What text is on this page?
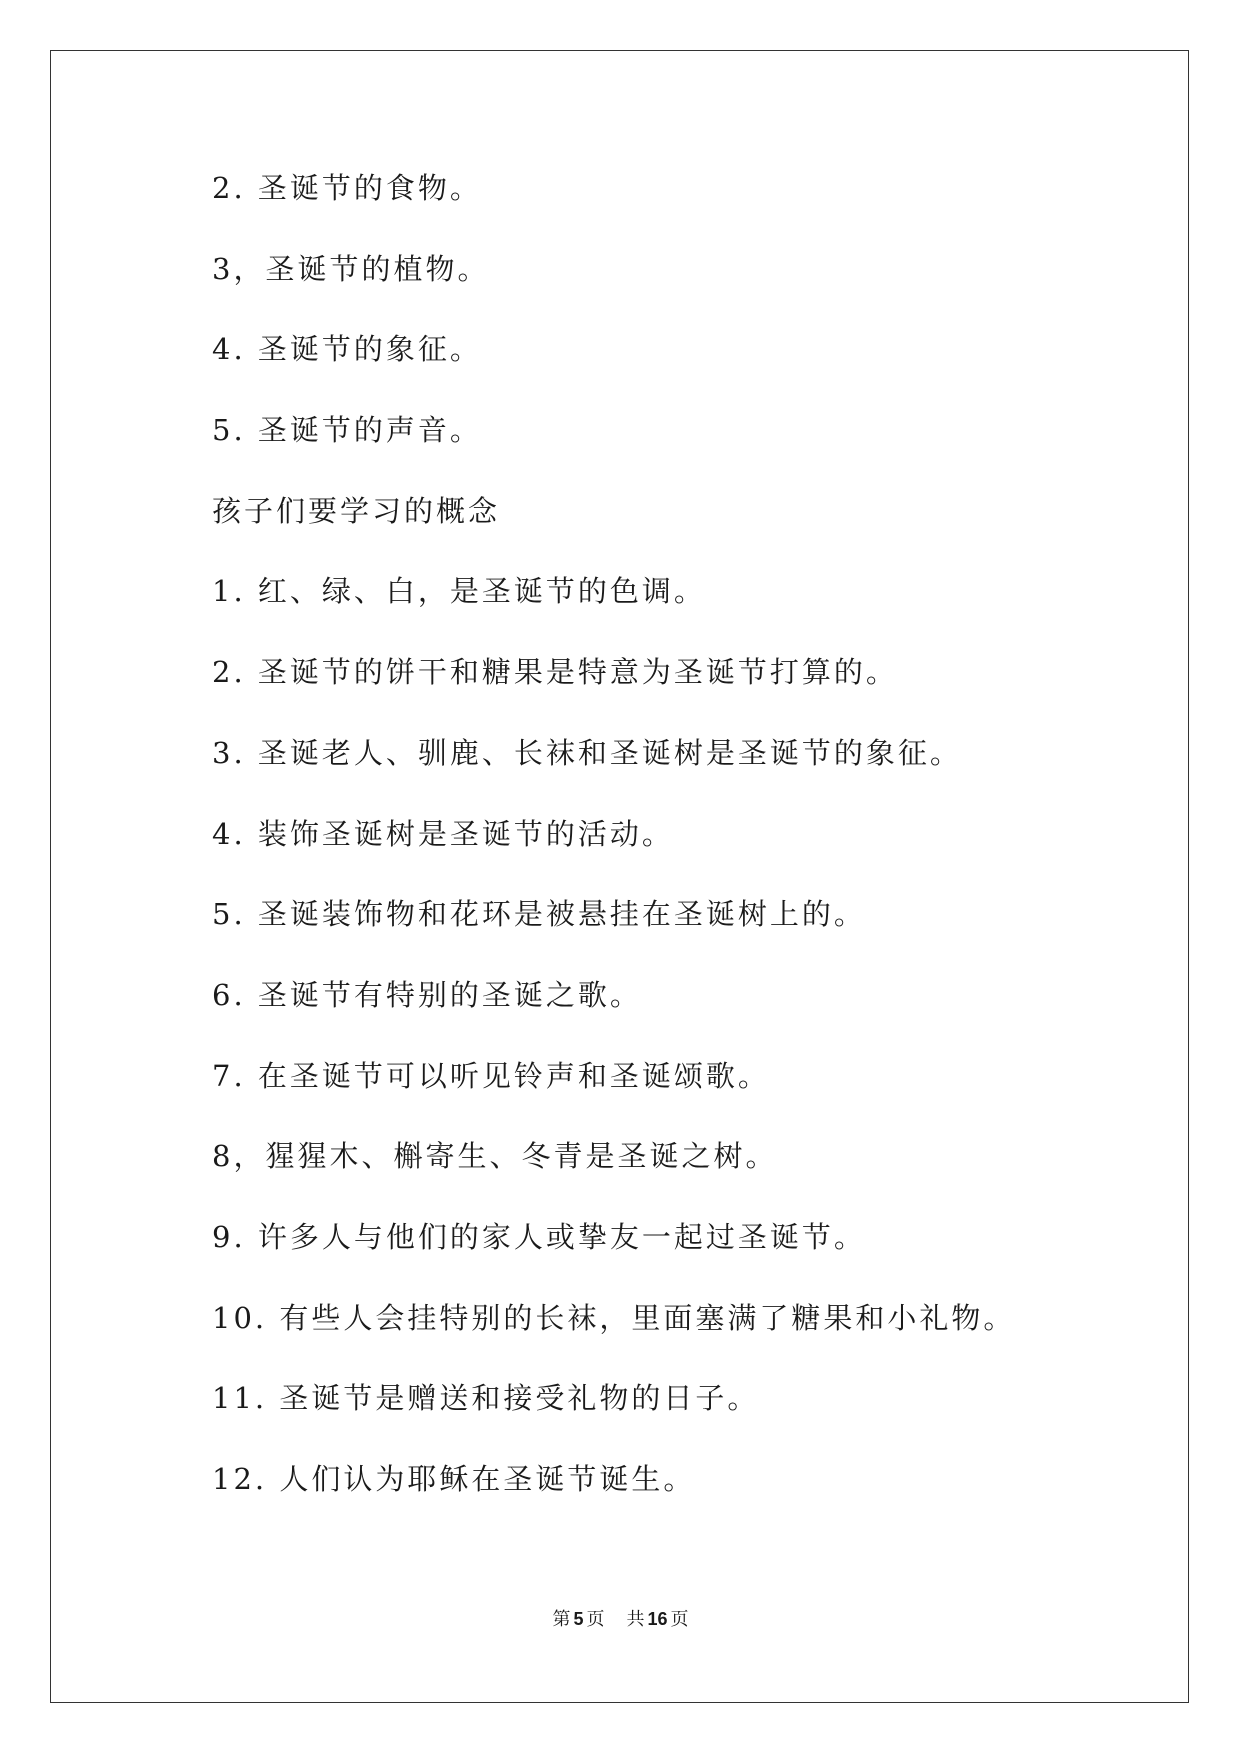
2. 圣诞节的食物。
3，圣诞节的植物。
4. 圣诞节的象征。
5. 圣诞节的声音。
孩子们要学习的概念
1. 红、绿、白，是圣诞节的色调。
2. 圣诞节的饼干和糖果是特意为圣诞节打算的。
3. 圣诞老人、驯鹿、长袜和圣诞树是圣诞节的象征。
4. 装饰圣诞树是圣诞节的活动。
5. 圣诞装饰物和花环是被悬挂在圣诞树上的。
6. 圣诞节有特别的圣诞之歌。
7. 在圣诞节可以听见铃声和圣诞颂歌。
8，猩猩木、槲寄生、冬青是圣诞之树。
9. 许多人与他们的家人或挚友一起过圣诞节。
10. 有些人会挂特别的长袜，里面塞满了糖果和小礼物。
11. 圣诞节是赠送和接受礼物的日子。
12. 人们认为耶稣在圣诞节诞生。
第 5 页 共 16 页
